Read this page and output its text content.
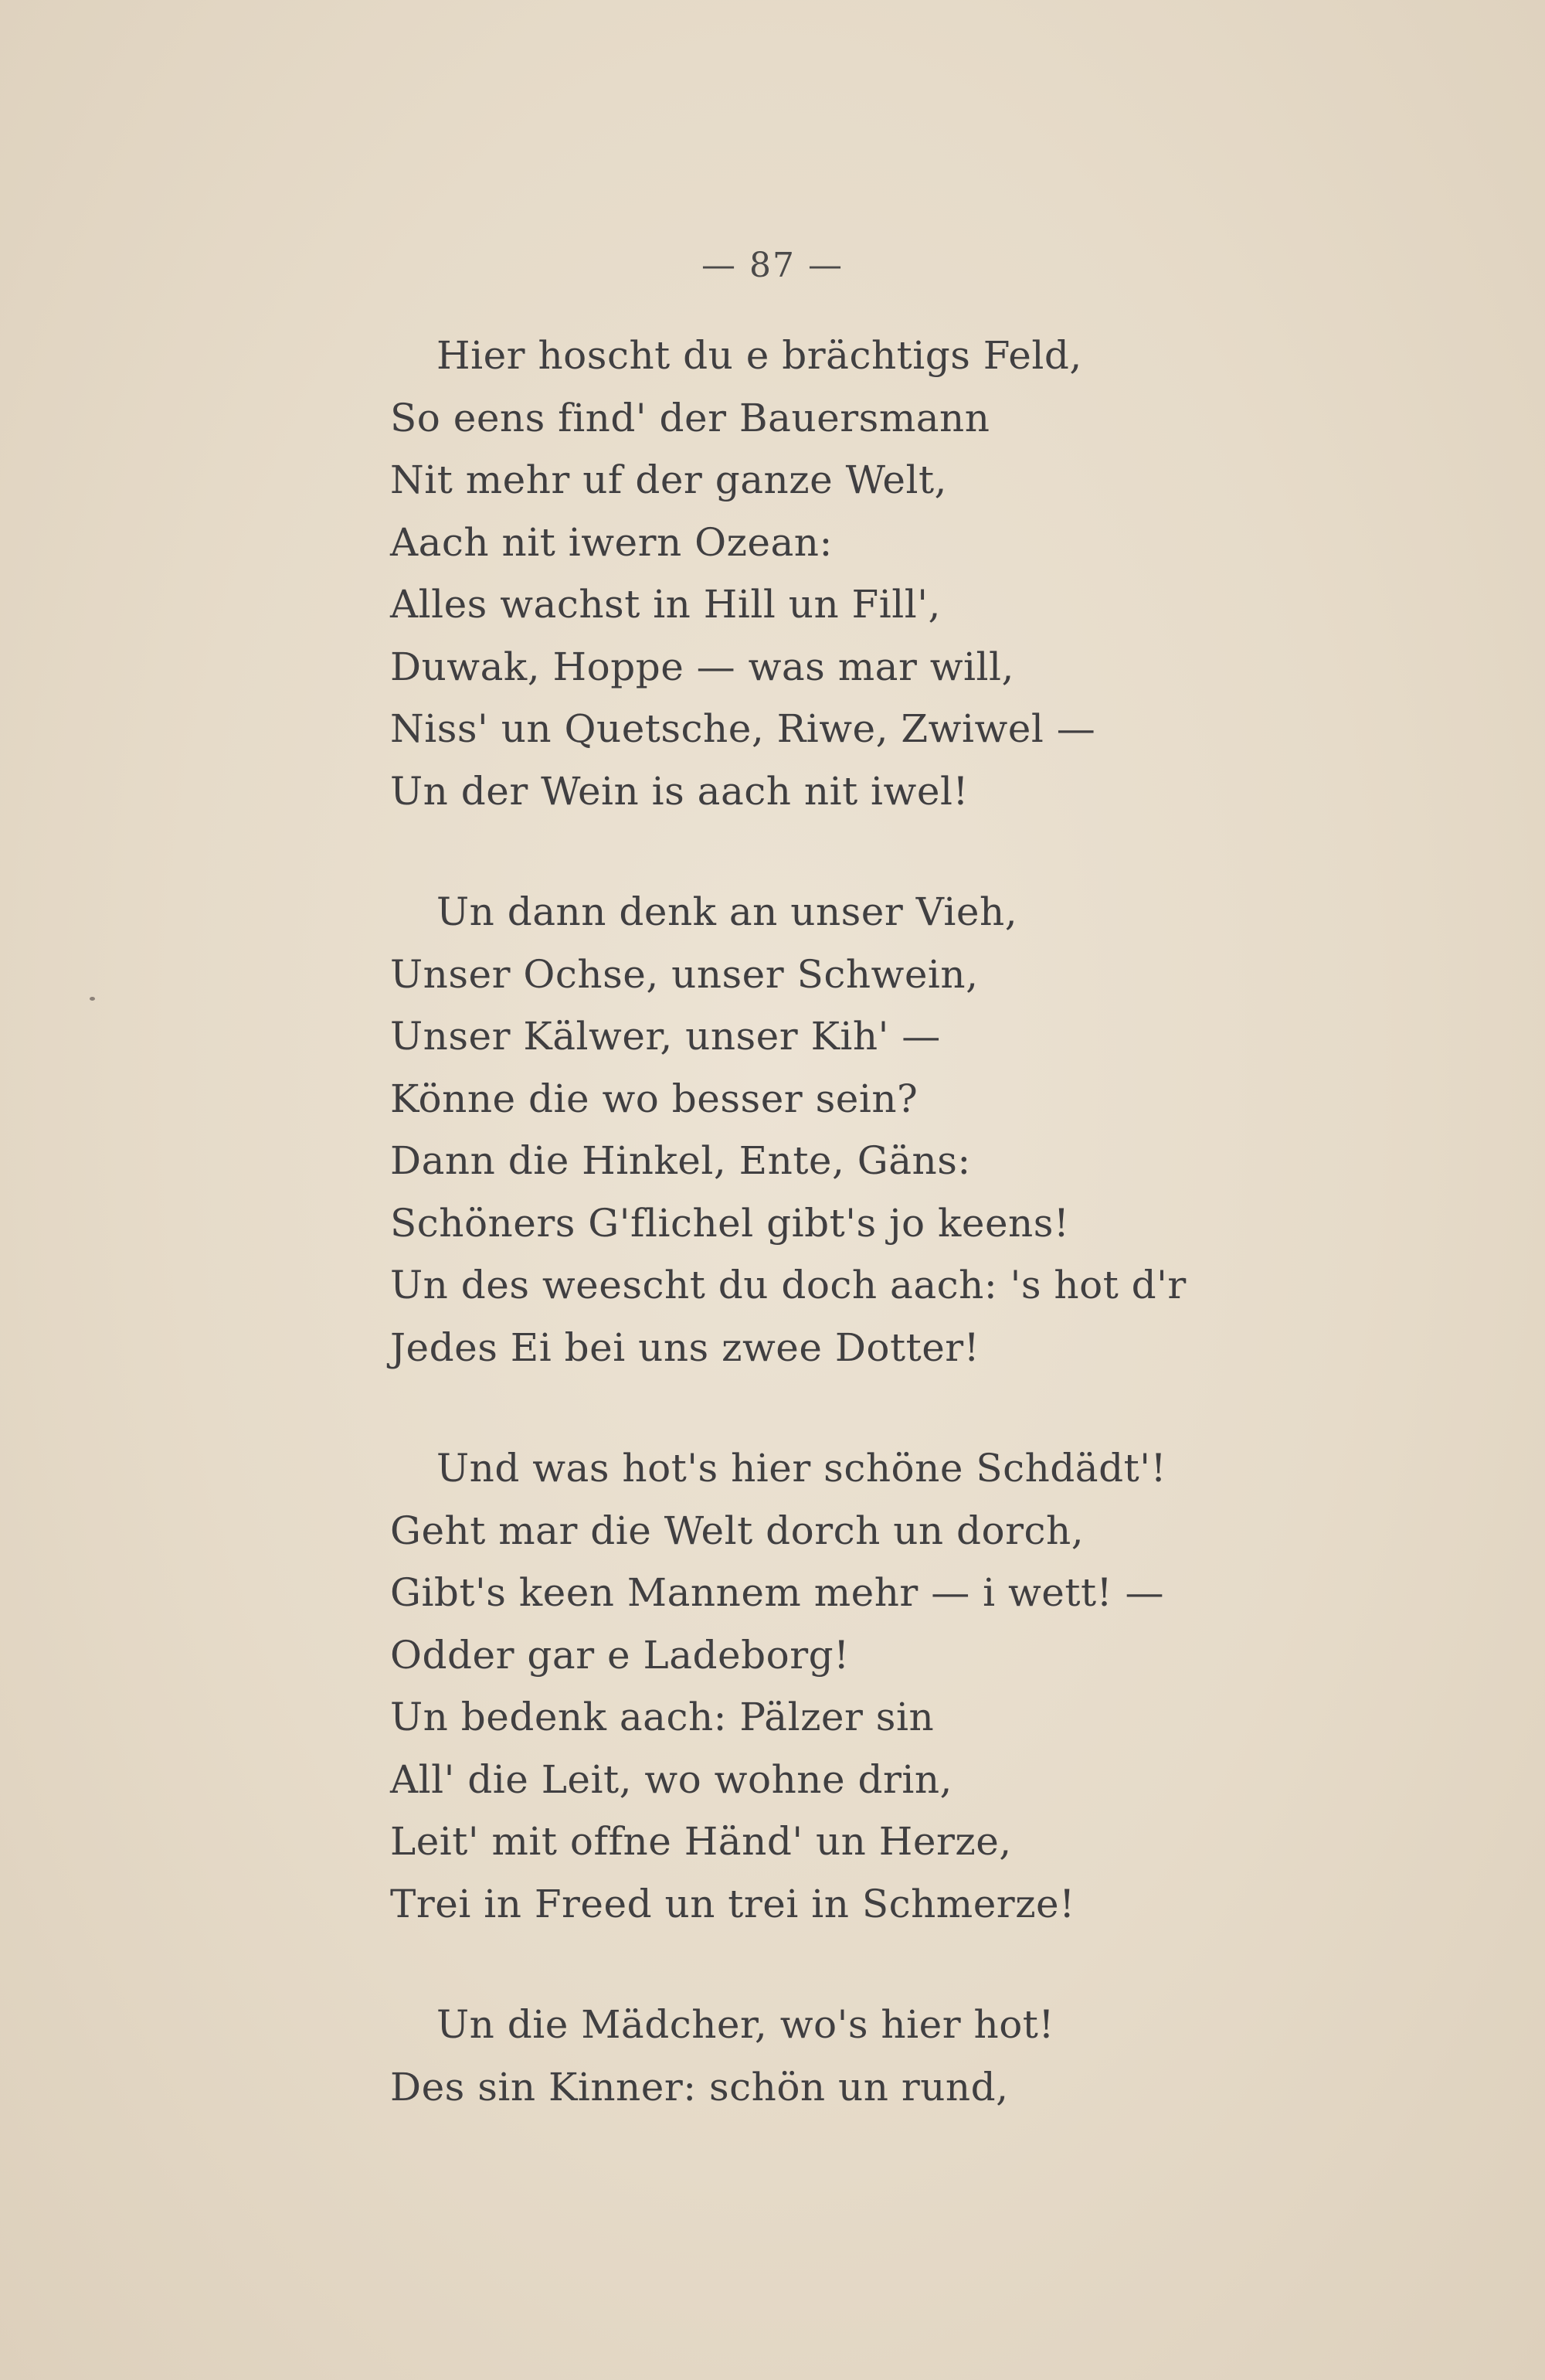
— 87 —
Hier hoscht du e brächtigs Feld,
So eens find' der Bauersmann
Nit mehr uf der ganze Welt,
Aach nit iwern Ozean:
Alles wachst in Hill un Fill',
Duwak, Hoppe — was mar will,
Niss' un Quetsche, Riwe, Zwiwel —
Un der Wein is aach nit iwel!
Un dann denk an unser Vieh,
Unser Ochse, unser Schwein,
Unser Kälwer, unser Kih' —
Könne die wo besser sein?
Dann die Hinkel, Ente, Gäns:
Schöners G'flichel gibt's jo keens!
Un des weescht du doch aach: 's hot d'r
Jedes Ei bei uns zwee Dotter!
Und was hot's hier schöne Schdädt'!
Geht mar die Welt dorch un dorch,
Gibt's keen Mannem mehr — i wett! —
Odder gar e Ladeborg!
Un bedenk aach: Pälzer sin
All' die Leit, wo wohne drin,
Leit' mit offne Händ' un Herze,
Trei in Freed un trei in Schmerze!
Un die Mädcher, wo's hier hot!
Des sin Kinner: schön un rund,
